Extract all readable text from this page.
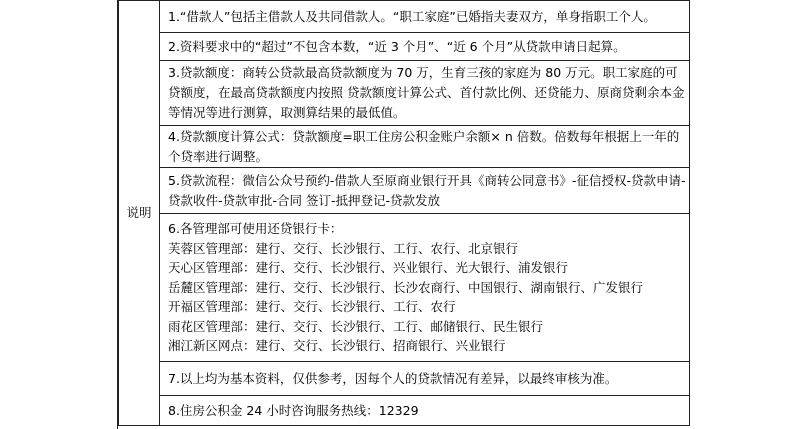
说明	
1.“借款人”包括主借款人及共同借款人。“职工家庭”已婚指夫妻双方，单身指职工个人。

2.资料要求中的“超过”不包含本数，“近 3 个月”、“近 6 个月”从贷款申请日起算。

3.贷款额度：商转公贷款最高贷款额度为 70 万，生育三孩的家庭为 80 万元。职工家庭的可贷额度，在最高贷款额度内按照 贷款额度计算公式、首付款比例、还贷能力、原商贷剩余本金等情况等进行测算，取测算结果的最低值。
4.贷款额度计算公式：贷款额度=职工住房公积金账户余额× n 倍数。倍数每年根据上一年的个贷率进行调整。
5.贷款流程：微信公众号预约-借款人至原商业银行开具《商转公同意书》-征信授权-贷款申请-贷款收件-贷款审批-合同 签订-抵押登记-贷款发放

6.各管理部可使用还贷银行卡：
芙蓉区管理部：建行、交行、长沙银行、工行、农行、北京银行
天心区管理部：建行、交行、长沙银行、兴业银行、光大银行、浦发银行
岳麓区管理部：建行、交行、长沙银行、长沙农商行、中国银行、湖南银行、广发银行
开福区管理部：建行、交行、长沙银行、工行、农行
雨花区管理部：建行、交行、长沙银行、工行、邮储银行、民生银行
湘江新区网点：建行、交行、长沙银行、招商银行、兴业银行

7.以上均为基本资料，仅供参考，因每个人的贷款情况有差异，以最终审核为准。

8.住房公积金 24 小时咨询服务热线：12329
